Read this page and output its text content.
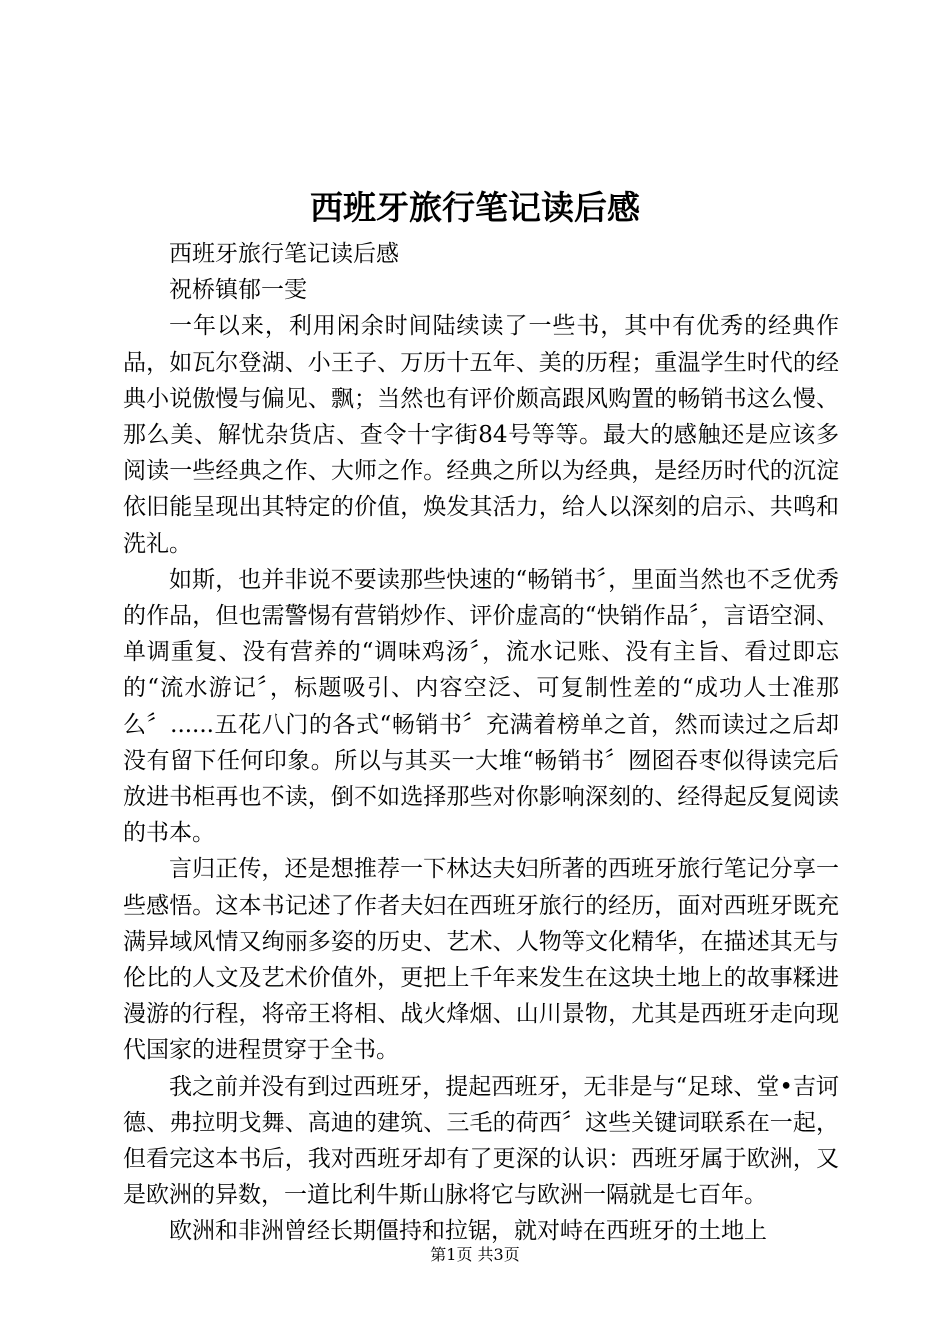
西班牙旅行笔记读后感

西班牙旅行笔记读后感

祝桥镇郁一雯

一年以来，利用闲余时间陆续读了一些书，其中有优秀的经典作品，如瓦尔登湖、小王子、万历十五年、美的历程；重温学生时代的经典小说傲慢与偏见、飘；当然也有评价颇高跟风购置的畅销书这么慢、那么美、解忧杂货店、查令十字街84号等等。最大的感触还是应该多阅读一些经典之作、大师之作。经典之所以为经典，是经历时代的沉淀依旧能呈现出其特定的价值，焕发其活力，给人以深刻的启示、共鸣和洗礼。

如斯，也并非说不要读那些快速的“畅销书〞，里面当然也不乏优秀的作品，但也需警惕有营销炒作、评价虚高的“快销作品〞，言语空洞、单调重复、没有营养的“调味鸡汤〞，流水记账、没有主旨、看过即忘的“流水游记〞，标题吸引、内容空泛、可复制性差的“成功人士准那么〞......五花八门的各式“畅销书〞充满着榜单之首，然而读过之后却没有留下任何印象。所以与其买一大堆“畅销书〞囫囵吞枣似得读完后放进书柜再也不读，倒不如选择那些对你影响深刻的、经得起反复阅读的书本。

言归正传，还是想推荐一下林达夫妇所著的西班牙旅行笔记分享一些感悟。这本书记述了作者夫妇在西班牙旅行的经历，面对西班牙既充满异域风情又绚丽多姿的历史、艺术、人物等文化精华，在描述其无与伦比的人文及艺术价值外，更把上千年来发生在这块土地上的故事糅进漫游的行程，将帝王将相、战火烽烟、山川景物，尤其是西班牙走向现代国家的进程贯穿于全书。

我之前并没有到过西班牙，提起西班牙，无非是与“足球、堂•吉诃德、弗拉明戈舞、高迪的建筑、三毛的荷西〞这些关键词联系在一起，但看完这本书后，我对西班牙却有了更深的认识：西班牙属于欧洲，又是欧洲的异数，一道比利牛斯山脉将它与欧洲一隔就是七百年。

欧洲和非洲曾经长期僵持和拉锯，就对峙在西班牙的土地上

第1页 共3页
